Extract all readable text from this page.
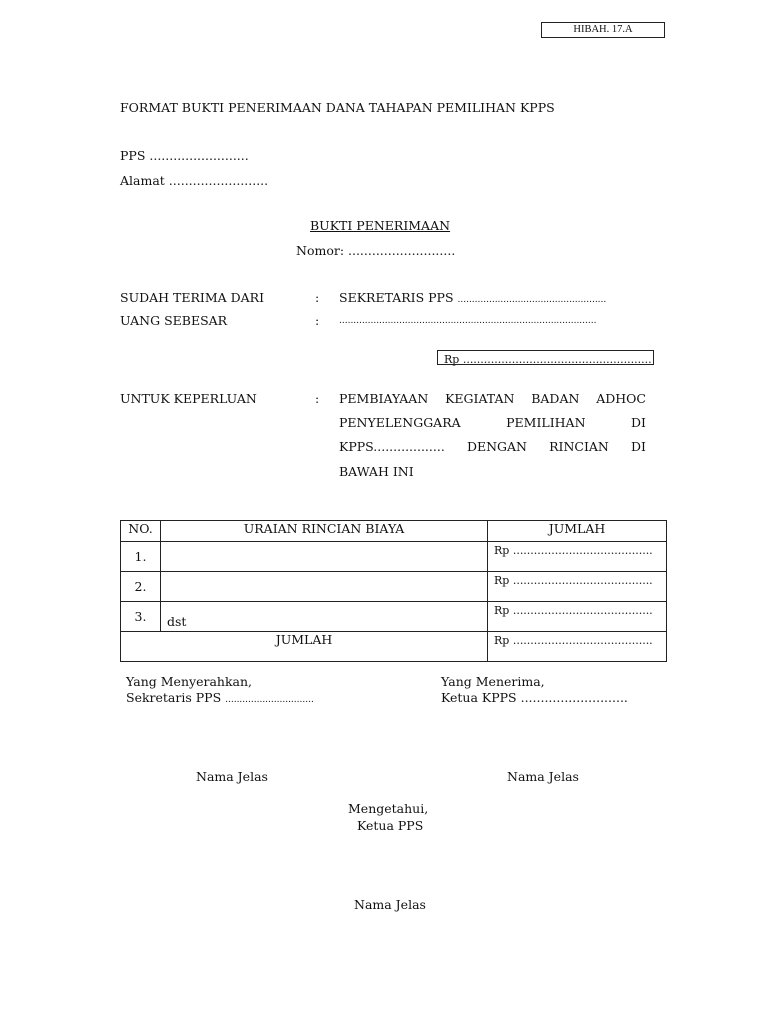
HIBAH. 17.A
FORMAT BUKTI PENERIMAAN DANA TAHAPAN PEMILIHAN KPPS
PPS .........................
Alamat .........................
BUKTI PENERIMAAN
Nomor: ...........................
SUDAH TERIMA DARI	: SEKRETARIS PPS ....................................................
UANG SEBESAR	: ..........................................................................................
Rp ......................................................
UNTUK KEPERLUAN	: PEMBIAYAAN KEGIATAN BADAN ADHOC
PENYELENGGARA	PEMILIHAN	DI
KPPS.................. DENGAN RINCIAN DI
BAWAH INI
NO.	URAIAN RINCIAN BIAYA	JUMLAH
1.		Rp ........................................
2.		Rp ........................................
3.	dst	Rp ........................................
JUMLAH		Rp ........................................
Yang Menyerahkan,
Sekretaris PPS ...............................
Yang Menerima,
Ketua KPPS ...........................
Nama Jelas	Nama Jelas
Mengetahui,
Ketua PPS
Nama Jelas
